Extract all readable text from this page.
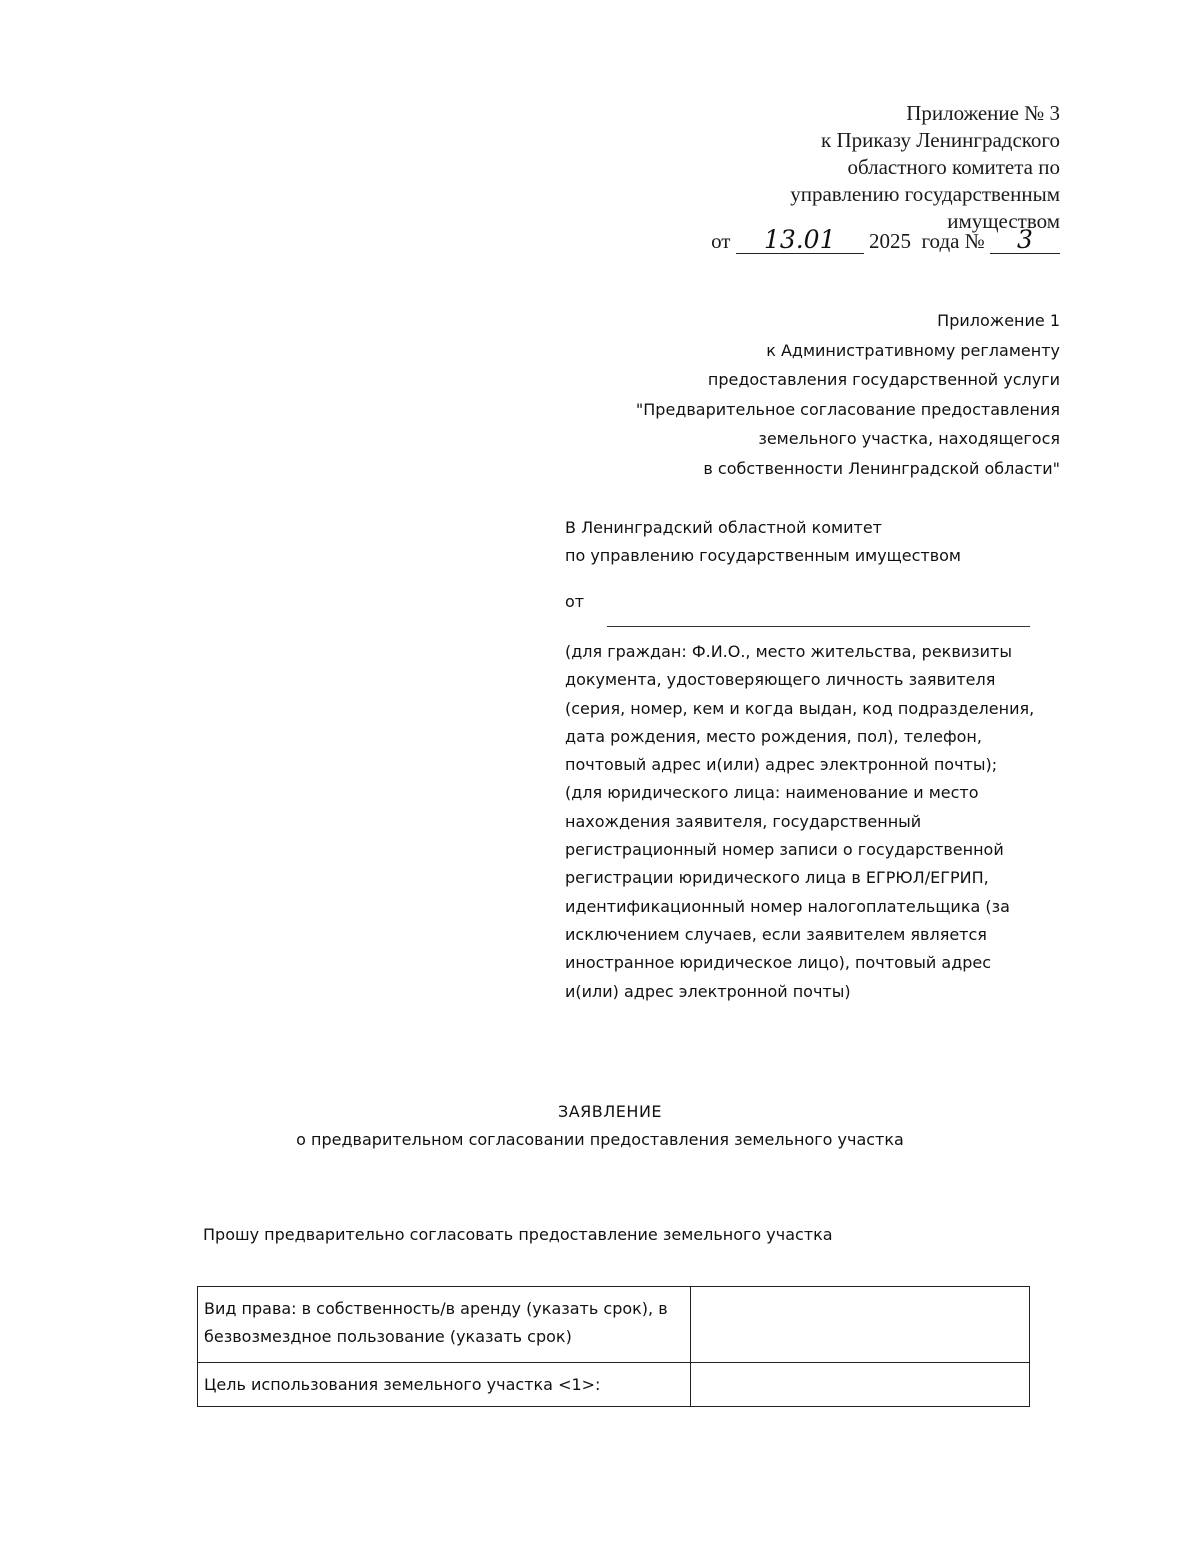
Приложение № 3
к Приказу Ленинградского
областного комитета по
управлению государственным
имуществом
от 13.01 2025 года № 3
Приложение 1
к Административному регламенту
предоставления государственной услуги
"Предварительное согласование предоставления
земельного участка, находящегося
в собственности Ленинградской области"
В Ленинградский областной комитет
по управлению государственным имуществом
от

(для граждан: Ф.И.О., место жительства, реквизиты документа, удостоверяющего личность заявителя (серия, номер, кем и когда выдан, код подразделения, дата рождения, место рождения, пол), телефон, почтовый адрес и(или) адрес электронной почты);

(для юридического лица: наименование и место нахождения заявителя, государственный регистрационный номер записи о государственной регистрации юридического лица в ЕГРЮЛ/ЕГРИП, идентификационный номер налогоплательщика (за исключением случаев, если заявителем является иностранное юридическое лицо), почтовый адрес и(или) адрес электронной почты)

ЗАЯВЛЕНИЕ
о предварительном согласовании предоставления земельного участка
Прошу предварительно согласовать предоставление земельного участка
Вид права: в собственность/в аренду (указать срок), в безвозмездное пользование (указать срок)	
Цель использования земельного участка <1>:	
